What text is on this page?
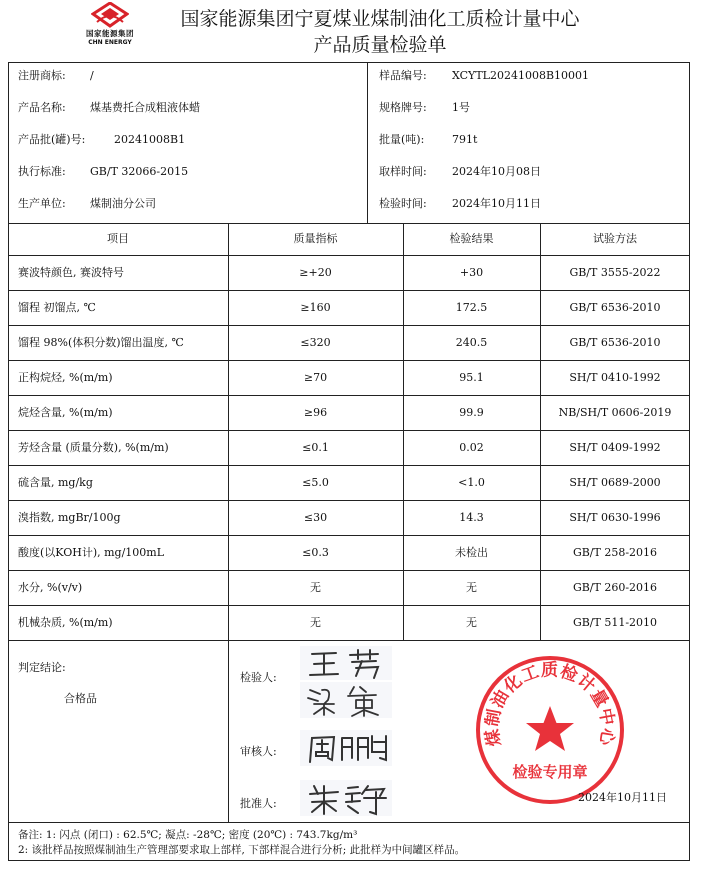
国家能源集团
CHN ENERGY
国家能源集团宁夏煤业煤制油化工质检计量中心
产品质量检验单
注册商标: /	样品编号: XCYTL20241008B10001
产品名称: 煤基费托合成粗液体蜡	规格牌号: 1号
产品批(罐)号:	20241008B1	批量(吨):	791t
执行标准: GB/T 32066-2015	取样时间: 2024年10月08日
生产单位: 煤制油分公司	检验时间: 2024年10月11日
项目	质量指标	检验结果	试验方法
赛波特颜色, 赛波特号	≥+20	+30	GB/T 3555-2022
馏程 初馏点, ℃	≥160	172.5	GB/T 6536-2010
馏程 98%(体积分数)馏出温度, ℃	≤320	240.5	GB/T 6536-2010
正构烷烃, %(m/m)	≥70	95.1	SH/T 0410-1992
烷烃含量, %(m/m)	≥96	99.9	NB/SH/T 0606-2019
芳烃含量 (质量分数), %(m/m)	≤0.1	0.02	SH/T 0409-1992
硫含量, mg/kg	≤5.0	<1.0	SH/T 0689-2000
溴指数, mgBr/100g	≤30	14.3	SH/T 0630-1996
酸度(以KOH计), mg/100mL	≤0.3	未检出	GB/T 258-2016
水分, %(v/v)	无	无	GB/T 260-2016
机械杂质, %(m/m)	无	无	GB/T 511-2010
判定结论:
合格品
检验人:
审核人:
批准人:
煤制油化工质检计量中心
检验专用章
2024年10月11日
备注: 1: 闪点 (闭口) : 62.5℃; 凝点: -28℃; 密度 (20℃) : 743.7kg/m³
2: 该批样品按照煤制油生产管理部要求取上部样, 下部样混合进行分析; 此批样为中间罐区样品。
